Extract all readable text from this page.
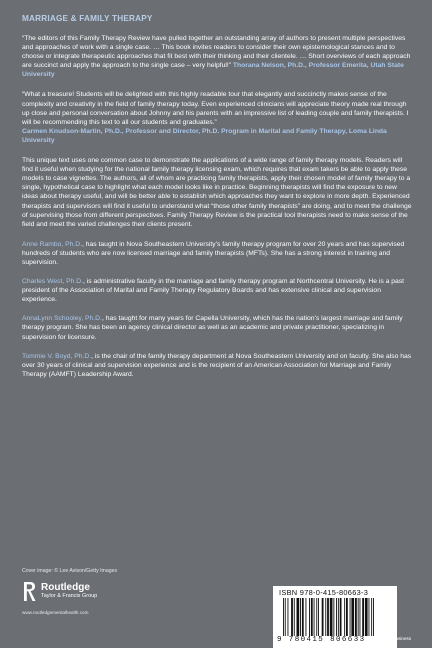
MARRIAGE & FAMILY THERAPY
“The editors of this Family Therapy Review have pulled together an outstanding array of authors to present multiple perspectives and approaches of work with a single case. … This book invites readers to consider their own epistemological stances and to choose or integrate therapeutic approaches that fit best with their thinking and their clientele. … Short overviews of each approach are succinct and apply the approach to the single case – very helpful!” Thorana Nelson, Ph.D., Professor Emerita, Utah State University
“What a treasure! Students will be delighted with this highly readable tour that elegantly and succinctly makes sense of the complexity and creativity in the field of family therapy today. Even experienced clinicians will appreciate theory made real through up close and personal conversation about Johnny and his parents with an impressive list of leading couple and family therapists. I will be recommending this text to all our students and graduates.”
Carmen Knudson-Martin, Ph.D., Professor and Director, Ph.D. Program in Marital and Family Therapy, Loma Linda University
This unique text uses one common case to demonstrate the applications of a wide range of family therapy models. Readers will find it useful when studying for the national family therapy licensing exam, which requires that exam takers be able to apply these models to case vignettes. The authors, all of whom are practicing family therapists, apply their chosen model of family therapy to a single, hypothetical case to highlight what each model looks like in practice. Beginning therapists will find the exposure to new ideas about therapy useful, and will be better able to establish which approaches they want to explore in more depth. Experienced therapists and supervisors will find it useful to understand what “those other family therapists” are doing, and to meet the challenge of supervising those from different perspectives. Family Therapy Review is the practical tool therapists need to make sense of the field and meet the varied challenges their clients present.
Anne Rambo, Ph.D., has taught in Nova Southeastern University’s family therapy program for over 20 years and has supervised hundreds of students who are now licensed marriage and family therapists (MFTs). She has a strong interest in training and supervision.
Charles West, Ph.D., is administrative faculty in the marriage and family therapy program at Northcentral University. He is a past president of the Association of Marital and Family Therapy Regulatory Boards and has extensive clinical and supervision experience.
AnnaLynn Schooley, Ph.D., has taught for many years for Capella University, which has the nation’s largest marriage and family therapy program. She has been an agency clinical director as well as an academic and private practitioner, specializing in supervision for licensure.
Tommie V. Boyd, Ph.D., is the chair of the family therapy department at Nova Southeastern University and on faculty. She also has over 30 years of clinical and supervision experience and is the recipient of an American Association for Marriage and Family Therapy (AAMFT) Leadership Award.
Cover image: © Lee Avison/Getty Images
Routledge
Taylor & Francis Group
www.routledgementalhealth.com
ISBN 978-0-415-80663-3
9 780415 806633 an informa business
